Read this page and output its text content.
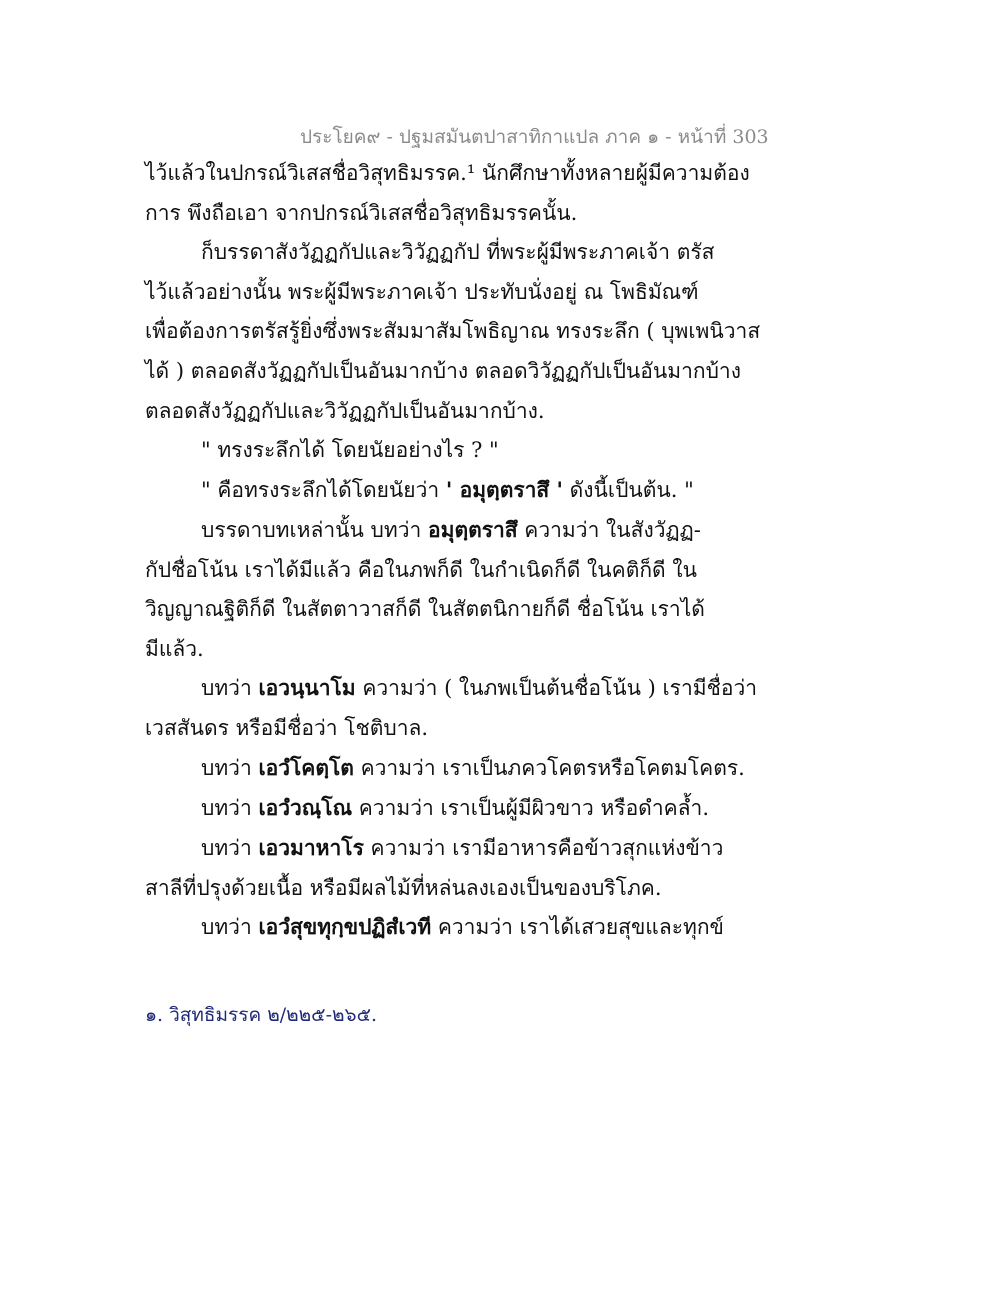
ประโยค๙ - ปฐมสมันตปาสาทิกาแปล ภาค ๑ - หน้าที่ 303
ไว้แล้วในปกรณ์วิเสสชื่อวิสุทธิมรรค.¹ นักศึกษาทั้งหลายผู้มีความต้อง
การ พึงถือเอา จากปกรณ์วิเสสชื่อวิสุทธิมรรคนั้น.
ก็บรรดาสังวัฏฏกัปและวิวัฏฏกัป ที่พระผู้มีพระภาคเจ้า ตรัส
ไว้แล้วอย่างนั้น พระผู้มีพระภาคเจ้า ประทับนั่งอยู่ ณ โพธิมัณฑ์
เพื่อต้องการตรัสรู้ยิ่งซึ่งพระสัมมาสัมโพธิญาณ ทรงระลึก ( บุพเพนิวาส
ได้ ) ตลอดสังวัฏฏกัปเป็นอันมากบ้าง ตลอดวิวัฏฏกัปเป็นอันมากบ้าง
ตลอดสังวัฏฏกัปและวิวัฏฏกัปเป็นอันมากบ้าง.
" ทรงระลึกได้ โดยนัยอย่างไร ? "
" คือทรงระลึกได้โดยนัยว่า ' อมุตฺตราสึ ' ดังนี้เป็นต้น. "
บรรดาบทเหล่านั้น บทว่า อมุตฺตราสึ ความว่า ในสังวัฏฏ-
กัปชื่อโน้น เราได้มีแล้ว คือในภพก็ดี ในกำเนิดก็ดี ในคติก็ดี ใน
วิญญาณฐิติก็ดี ในสัตตาวาสก็ดี ในสัตตนิกายก็ดี ชื่อโน้น เราได้
มีแล้ว.
บทว่า เอวนฺนาโม ความว่า ( ในภพเป็นต้นชื่อโน้น ) เรามีชื่อว่า
เวสสันดร หรือมีชื่อว่า โชติบาล.
บทว่า เอวํโคตฺโต ความว่า เราเป็นภควโคตรหรือโคตมโคตร.
บทว่า เอวํวณฺโณ ความว่า เราเป็นผู้มีผิวขาว หรือดำคล้ำ.
บทว่า เอวมาหาโร ความว่า เรามีอาหารคือข้าวสุกแห่งข้าว
สาลีที่ปรุงด้วยเนื้อ หรือมีผลไม้ที่หล่นลงเองเป็นของบริโภค.
บทว่า เอวํสุขทุกฺขปฏิสํเวที ความว่า เราได้เสวยสุขและทุกข์
๑. วิสุทธิมรรค ๒/๒๒๕-๒๖๕.
